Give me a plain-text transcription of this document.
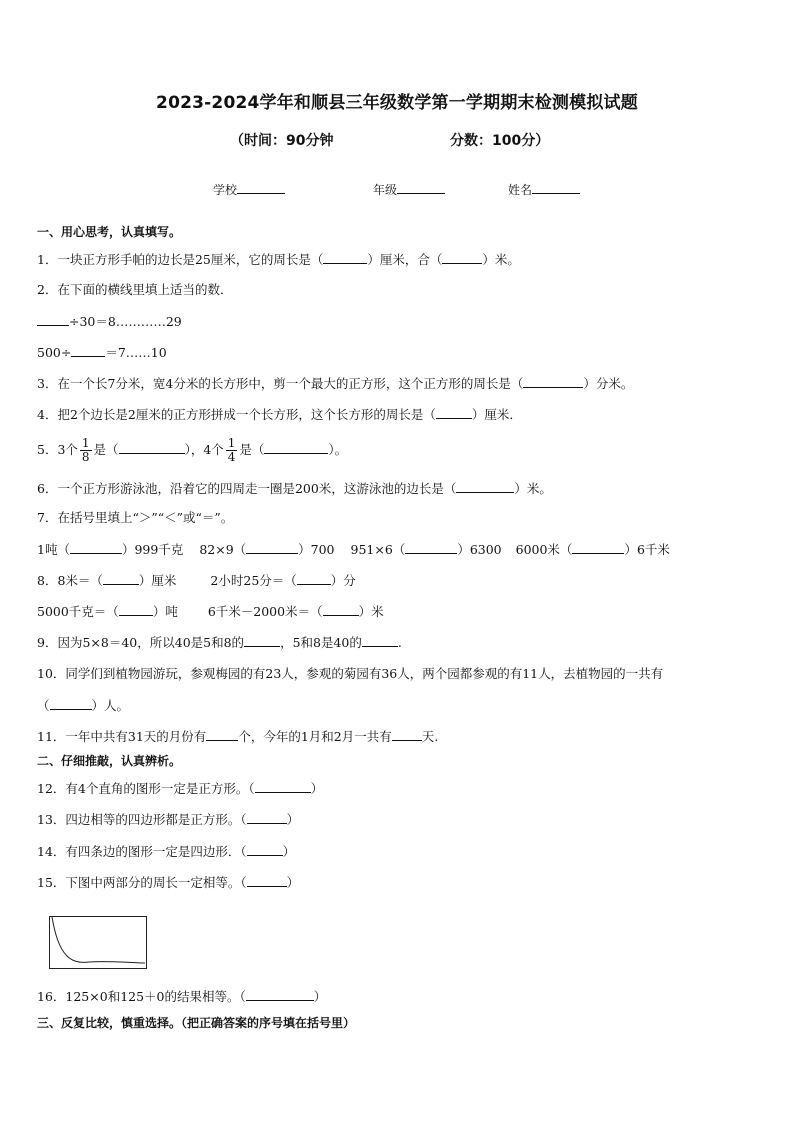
2023-2024学年和顺县三年级数学第一学期期末检测模拟试题
（时间：90分钟	分数：100分）
学校	年级	姓名
一、用心思考，认真填写。
1．一块正方形手帕的边长是25厘米，它的周长是（	）厘米，合（	）米。
2．在下面的横线里填上适当的数．
÷30＝8…………29
500÷	＝7……10
3．在一个长7分米，宽4分米的长方形中，剪一个最大的正方形，这个正方形的周长是（	）分米。
4．把2个边长是2厘米的正方形拼成一个长方形，这个长方形的周长是（	）厘米．
5．3个 $\frac{1}{8}$ 是（	），4个 $\frac{1}{4}$ 是（	）。
6．一个正方形游泳池，沿着它的四周走一圈是200米，这游泳池的边长是（	）米。
7．在括号里填上“＞”“＜”或“＝”。
1吨（	）999千克 82×9（	）700 951×6（	）6300 6000米（	）6千米
8．8米＝（	）厘米	2小时25分＝（	）分
5000千克＝（	）吨 6千米－2000米＝（	）米
9．因为5×8＝40，所以40是5和8的	，5和8是40的	.
10．同学们到植物园游玩，参观梅园的有23人，参观的菊园有36人，两个园都参观的有11人，去植物园的一共有
（	）人。
11．一年中共有31天的月份有	个，今年的1月和2月一共有 天.
二、仔细推敲，认真辨析。
12．有4个直角的图形一定是正方形。（	）
13．四边相等的四边形都是正方形。（	）
14．有四条边的图形一定是四边形．（	）
15．下图中两部分的周长一定相等。（	）
16．125×0和125＋0的结果相等。（	）
三、反复比较，慎重选择。（把正确答案的序号填在括号里）
